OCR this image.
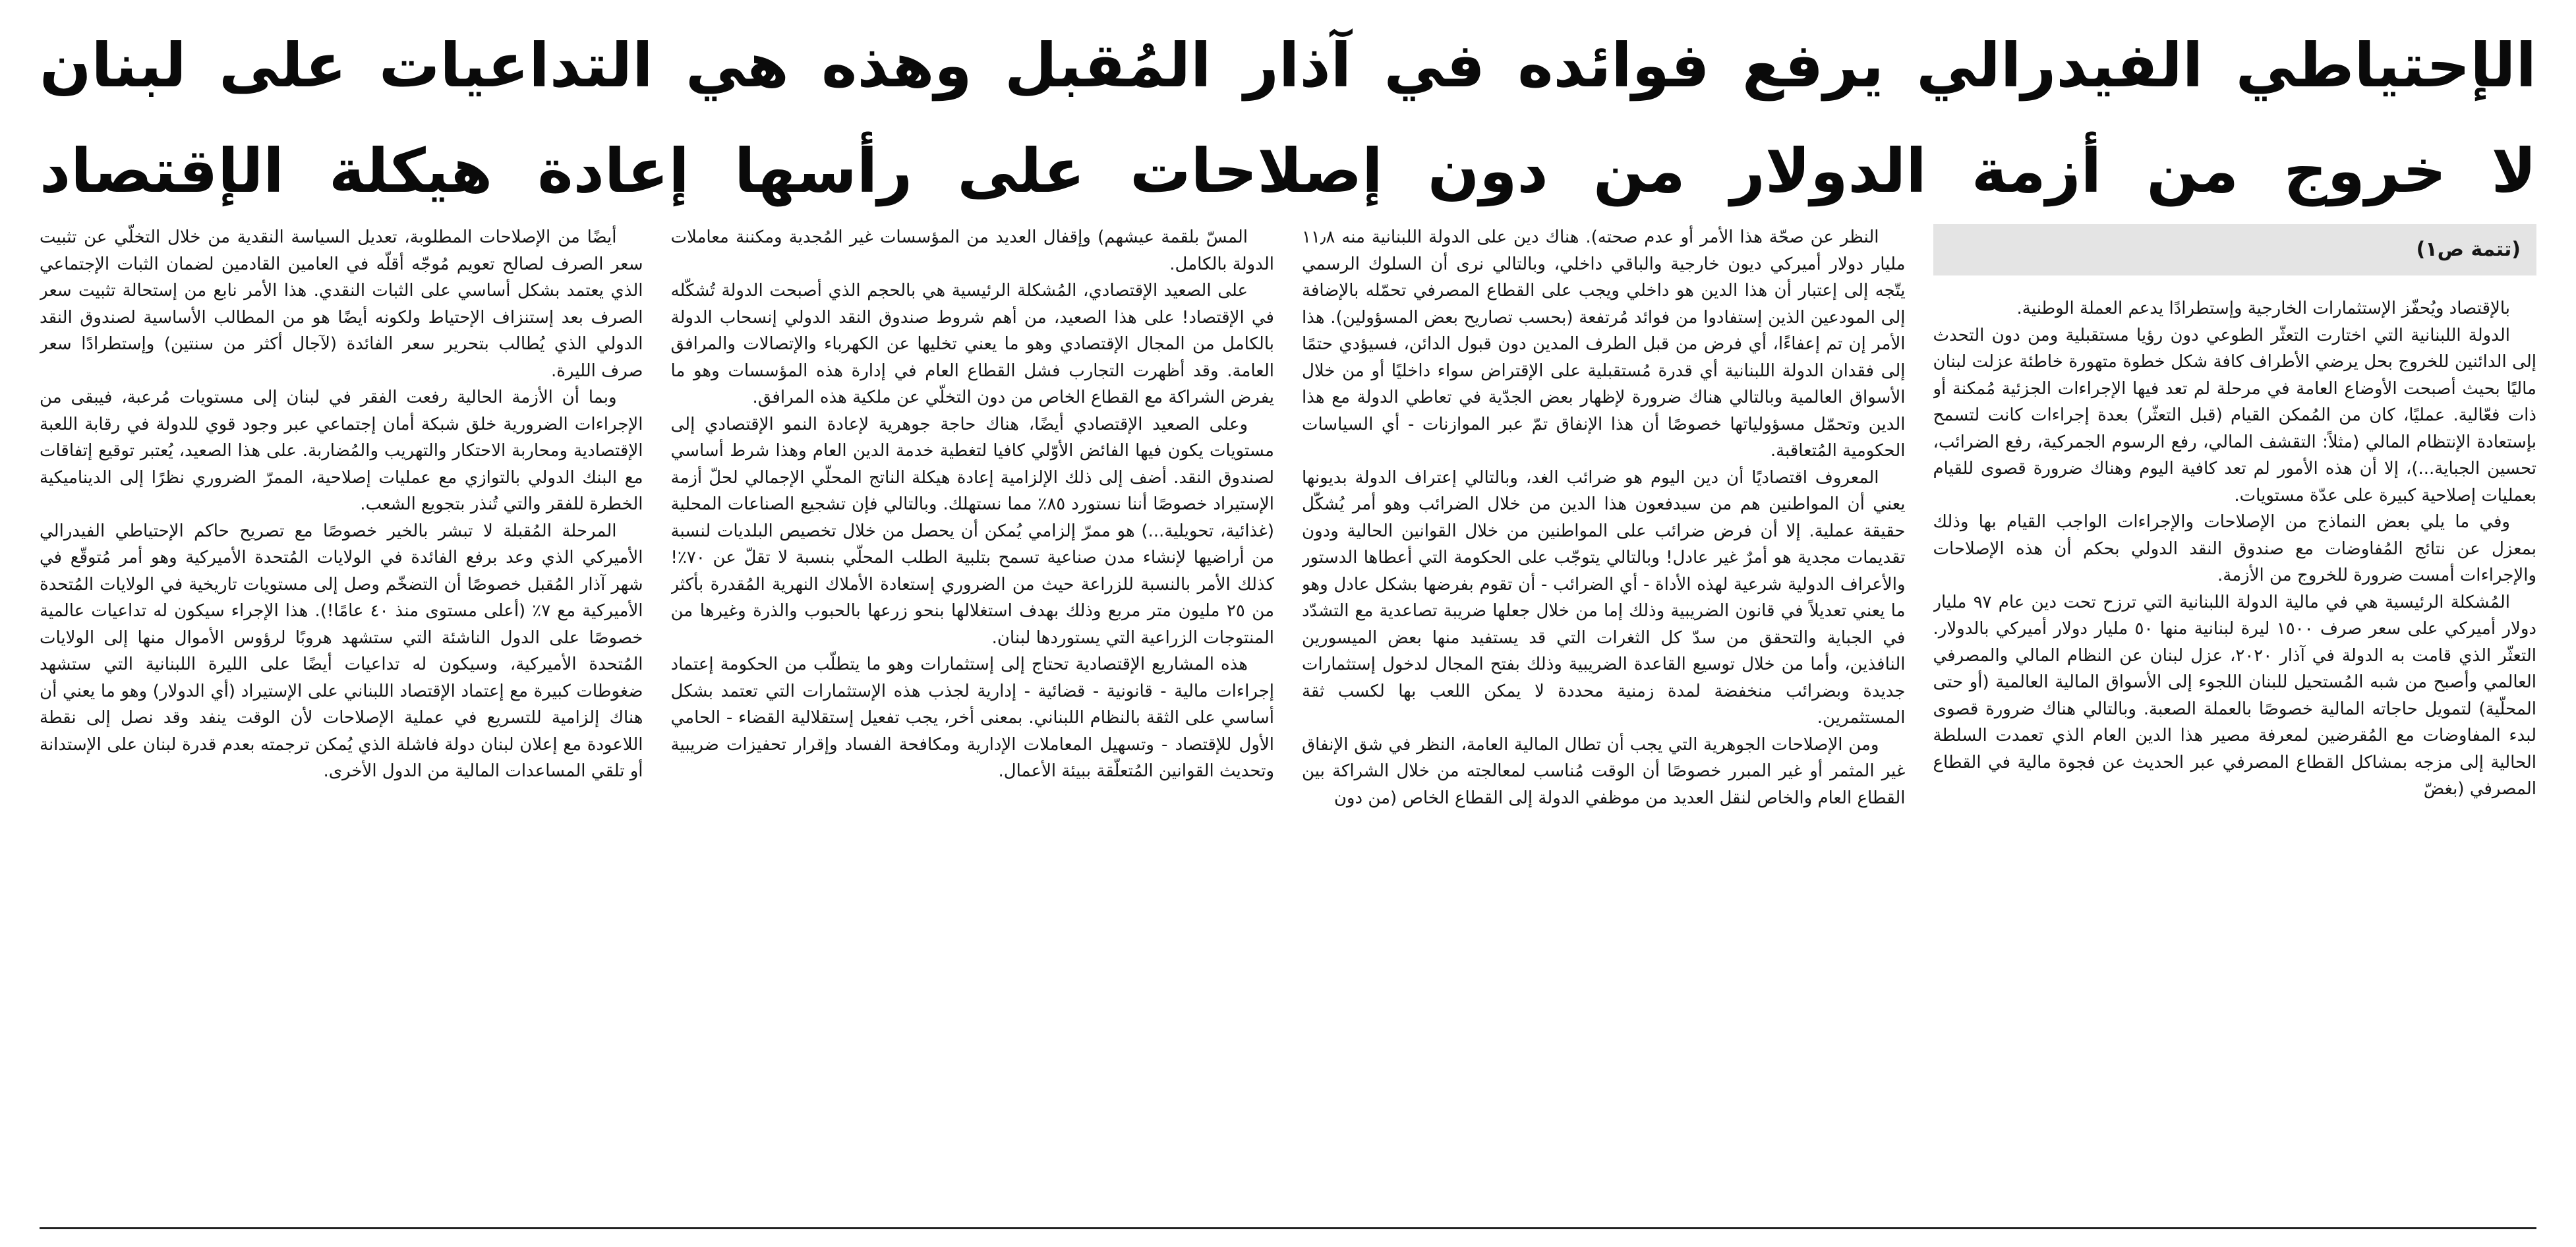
الإحتياطي الفيدرالي يرفع فوائده في آذار المُقبل وهذه هي التداعيات على لبنان
لا خروج من أزمة الدولار من دون إصلاحات على رأسها إعادة هيكلة الإقتصاد
(تتمة ص١)

بالإقتصاد ويُحفّز الإستثمارات الخارجية وإستطرادًا يدعم العملة الوطنية.

الدولة اللبنانية التي اختارت التعثّر الطوعي دون رؤيا مستقبلية ومن دون التحدث إلى الدائنين للخروج بحل يرضي الأطراف كافة شكل خطوة متهورة خاطئة عزلت لبنان ماليًا بحيث أصبحت الأوضاع العامة في مرحلة لم تعد فيها الإجراءات الجزئية مُمكنة أو ذات فعّالية. عمليًا، كان من المُمكن القيام (قبل التعثّر) بعدة إجراءات كانت لتسمح بإستعادة الإنتظام المالي (مثلاً: التقشف المالي، رفع الرسوم الجمركية، رفع الضرائب، تحسين الجباية...)، إلا أن هذه الأمور لم تعد كافية اليوم وهناك ضرورة قصوى للقيام بعمليات إصلاحية كبيرة على عدّة مستويات.

وفي ما يلي بعض النماذج من الإصلاحات والإجراءات الواجب القيام بها وذلك بمعزل عن نتائج المُفاوضات مع صندوق النقد الدولي بحكم أن هذه الإصلاحات والإجراءات أمست ضرورة للخروج من الأزمة.

المُشكلة الرئيسية هي في مالية الدولة اللبنانية التي ترزح تحت دين عام ٩٧ مليار دولار أميركي على سعر صرف ١٥٠٠ ليرة لبنانية منها ٥٠ مليار دولار أميركي بالدولار. التعثّر الذي قامت به الدولة في آذار ٢٠٢٠، عزل لبنان عن النظام المالي والمصرفي العالمي وأصبح من شبه المُستحيل للبنان اللجوء إلى الأسواق المالية العالمية (أو حتى المحلّية) لتمويل حاجاته المالية خصوصًا بالعملة الصعبة. وبالتالي هناك ضرورة قصوى لبدء المفاوضات مع المُقرضين لمعرفة مصير هذا الدين العام الذي تعمدت السلطة الحالية إلى مزجه بمشاكل القطاع المصرفي عبر الحديث عن فجوة مالية في القطاع المصرفي (بغضّ

النظر عن صحّة هذا الأمر أو عدم صحته). هناك دين على الدولة اللبنانية منه ١١٫٨ مليار دولار أميركي ديون خارجية والباقي داخلي، وبالتالي نرى أن السلوك الرسمي يتّجه إلى إعتبار أن هذا الدين هو داخلي ويجب على القطاع المصرفي تحمّله بالإضافة إلى المودعين الذين إستفادوا من فوائد مُرتفعة (بحسب تصاريح بعض المسؤولين). هذا الأمر إن تم إعفاءًا، أي فرض من قبل الطرف المدين دون قبول الدائن، فسيؤدي حتمًا إلى فقدان الدولة اللبنانية أي قدرة مُستقبلية على الإقتراض سواء داخليًا أو من خلال الأسواق العالمية وبالتالي هناك ضرورة لإظهار بعض الجدّية في تعاطي الدولة مع هذا الدين وتحمّل مسؤولياتها خصوصًا أن هذا الإنفاق تمّ عبر الموازنات - أي السياسات الحكومية المُتعاقبة.

المعروف اقتصاديًا أن دين اليوم هو ضرائب الغد، وبالتالي إعتراف الدولة بديونها يعني أن المواطنين هم من سيدفعون هذا الدين من خلال الضرائب وهو أمر يُشكّل حقيقة عملية. إلا أن فرض ضرائب على المواطنين من خلال القوانين الحالية ودون تقديمات مجدية هو أمرٌ غير عادل! وبالتالي يتوجّب على الحكومة التي أعطاها الدستور والأعراف الدولية شرعية لهذه الأداة - أي الضرائب - أن تقوم بفرضها بشكل عادل وهو ما يعني تعديلاً في قانون الضريبية وذلك إما من خلال جعلها ضريبة تصاعدية مع التشدّد في الجباية والتحقق من سدّ كل الثغرات التي قد يستفيد منها بعض الميسورين النافذين، وأما من خلال توسيع القاعدة الضريبية وذلك بفتح المجال لدخول إستثمارات جديدة وبضرائب منخفضة لمدة زمنية محددة لا يمكن اللعب بها لكسب ثقة المستثمرين.

ومن الإصلاحات الجوهرية التي يجب أن تطال المالية العامة، النظر في شق الإنفاق غير المثمر أو غير المبرر خصوصًا أن الوقت مُناسب لمعالجته من خلال الشراكة بين القطاع العام والخاص لنقل العديد من موظفي الدولة إلى القطاع الخاص (من دون

المسّ بلقمة عيشهم) وإقفال العديد من المؤسسات غير المُجدية ومكننة معاملات الدولة بالكامل.

على الصعيد الإقتصادي، المُشكلة الرئيسية هي بالحجم الذي أصبحت الدولة تُشكّله في الإقتصاد! على هذا الصعيد، من أهم شروط صندوق النقد الدولي إنسحاب الدولة بالكامل من المجال الإقتصادي وهو ما يعني تخليها عن الكهرباء والإتصالات والمرافق العامة. وقد أظهرت التجارب فشل القطاع العام في إدارة هذه المؤسسات وهو ما يفرض الشراكة مع القطاع الخاص من دون التخلّي عن ملكية هذه المرافق.

وعلى الصعيد الإقتصادي أيضًا، هناك حاجة جوهرية لإعادة النمو الإقتصادي إلى مستويات يكون فيها الفائض الأوّلي كافيا لتغطية خدمة الدين العام وهذا شرط أساسي لصندوق النقد. أضف إلى ذلك الإلزامية إعادة هيكلة الناتج المحلّي الإجمالي لحلّ أزمة الإستيراد خصوصًا أننا نستورد ٨٥٪ مما نستهلك. وبالتالي فإن تشجيع الصناعات المحلية (غذائية، تحويلية...) هو ممرّ إلزامي يُمكن أن يحصل من خلال تخصيص البلديات لنسبة من أراضيها لإنشاء مدن صناعية تسمح بتلبية الطلب المحلّي بنسبة لا تقلّ عن ٧٠٪! كذلك الأمر بالنسبة للزراعة حيث من الضروري إستعادة الأملاك النهرية المُقدرة بأكثر من ٢٥ مليون متر مربع وذلك بهدف استغلالها بنحو زرعها بالحبوب والذرة وغيرها من المنتوجات الزراعية التي يستوردها لبنان.

هذه المشاريع الإقتصادية تحتاج إلى إستثمارات وهو ما يتطلّب من الحكومة إعتماد إجراءات مالية - قانونية - قضائية - إدارية لجذب هذه الإستثمارات التي تعتمد بشكل أساسي على الثقة بالنظام اللبناني. بمعنى أخر، يجب تفعيل إستقلالية القضاء - الحامي الأول للإقتصاد - وتسهيل المعاملات الإدارية ومكافحة الفساد وإقرار تحفيزات ضريبية وتحديث القوانين المُتعلّقة ببيئة الأعمال.

أيضًا من الإصلاحات المطلوبة، تعديل السياسة النقدية من خلال التخلّي عن تثبيت سعر الصرف لصالح تعويم مُوجّه أقلّه في العامين القادمين لضمان الثبات الإجتماعي الذي يعتمد بشكل أساسي على الثبات النقدي. هذا الأمر نابع من إستحالة تثبيت سعر الصرف بعد إستنزاف الإحتياط ولكونه أيضًا هو من المطالب الأساسية لصندوق النقد الدولي الذي يُطالب بتحرير سعر الفائدة (لآجال أكثر من سنتين) وإستطرادًا سعر صرف الليرة.

وبما أن الأزمة الحالية رفعت الفقر في لبنان إلى مستويات مُرعبة، فيبقى من الإجراءات الضرورية خلق شبكة أمان إجتماعي عبر وجود قوي للدولة في رقابة اللعبة الإقتصادية ومحاربة الاحتكار والتهريب والمُضاربة. على هذا الصعيد، يُعتبر توقيع إتفاقات مع البنك الدولي بالتوازي مع عمليات إصلاحية، الممرّ الضروري نظرًا إلى الديناميكية الخطرة للفقر والتي تُنذر بتجويع الشعب.

المرحلة المُقبلة لا تبشر بالخير خصوصًا مع تصريح حاكم الإحتياطي الفيدرالي الأميركي الذي وعد برفع الفائدة في الولايات المُتحدة الأميركية وهو أمر مُتوقّع في شهر آذار المُقبل خصوصًا أن التضخّم وصل إلى مستويات تاريخية في الولايات المُتحدة الأميركية مع ٧٪ (أعلى مستوى منذ ٤٠ عامًا!). هذا الإجراء سيكون له تداعيات عالمية خصوصًا على الدول الناشئة التي ستشهد هروبًا لرؤوس الأموال منها إلى الولايات المُتحدة الأميركية، وسيكون له تداعيات أيضًا على الليرة اللبنانية التي ستشهد ضغوطات كبيرة مع إعتماد الإقتصاد اللبناني على الإستيراد (أي الدولار) وهو ما يعني أن هناك إلزامية للتسريع في عملية الإصلاحات لأن الوقت ينفد وقد نصل إلى نقطة اللاعودة مع إعلان لبنان دولة فاشلة الذي يُمكن ترجمته بعدم قدرة لبنان على الإستدانة أو تلقي المساعدات المالية من الدول الأخرى.
